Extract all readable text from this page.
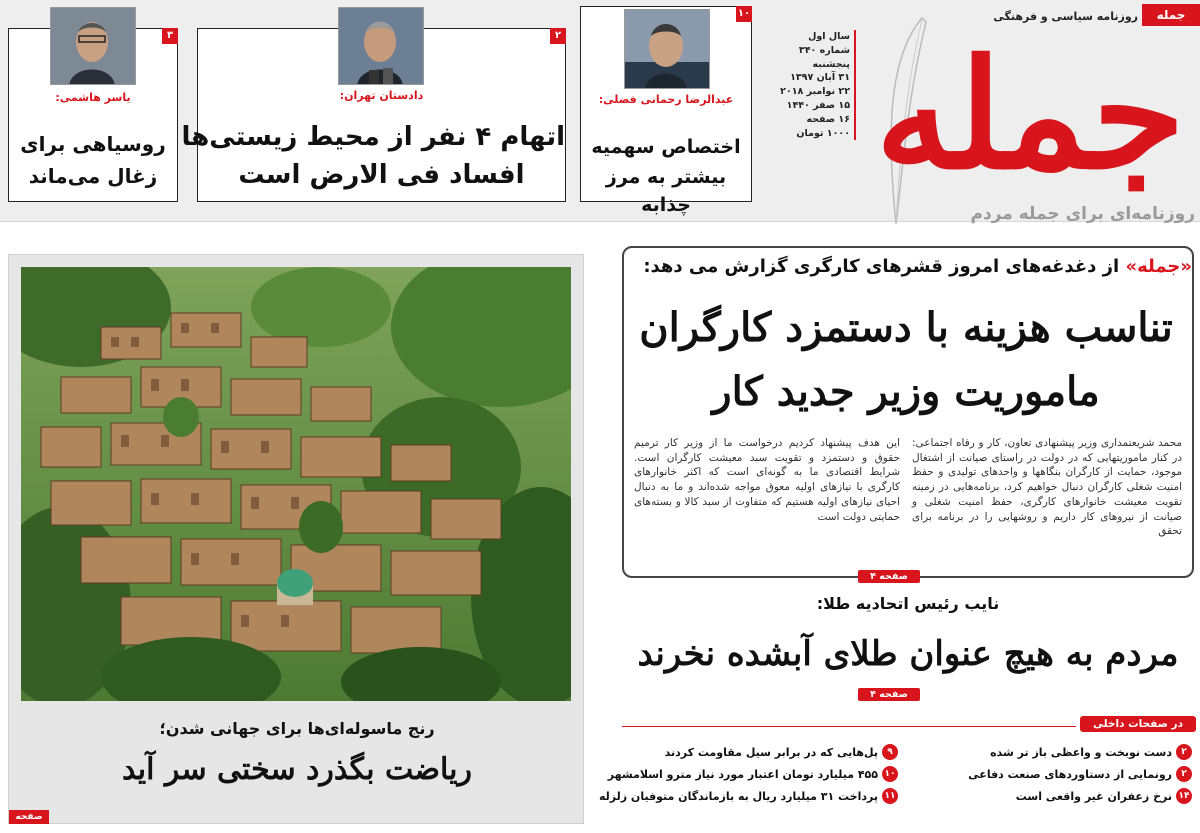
جمله
روزنامه سیاسی و فرهنگی
جمله
روزنامه‌ای برای جمله مردم
سال اول
شماره ۳۴۰
پنجشنبه
۳۱ آبان ۱۳۹۷
۲۲ نوامبر ۲۰۱۸
۱۵ صفر ۱۴۴۰
۱۶ صفحه
۱۰۰۰ تومان
۱۰
عبدالرضا رحمانی فضلی:
اختصاص سهمیه
بیشتر به مرز چذابه
۲
دادستان تهران:
اتهام ۴ نفر از محیط زیستی‌ها
افساد فی الارض است
۳
یاسر هاشمی:
روسیاهی برای
زغال می‌ماند
«جمله» از دغدغه‌های امروز قشرهای کارگری گزارش می دهد:
تناسب هزینه با دستمزد کارگران
ماموریت وزیر جدید کار
محمد شریعتمداری وزیر پیشنهادی تعاون، کار و رفاه اجتماعی: در کنار ماموریتهایی که در دولت در راستای صیانت از اشتغال موجود، حمایت از کارگران بنگاهها و واحدهای تولیدی و حفظ امنیت شغلی کارگران دنبال خواهیم کرد، برنامه‌هایی در زمینه تقویت معیشت خانوارهای کارگری، حفظ امنیت شغلی و صیانت از نیروهای کار داریم و روشهایی را در برنامه برای تحقق
این هدف پیشنهاد کردیم درخواست ما از وزیر کار ترمیم حقوق و دستمزد و تقویت سبد معیشت کارگران است. شرایط اقتصادی ما به گونه‌ای است که اکثر خانوارهای کارگری با نیازهای اولیه معوق مواجه شده‌اند و ما به دنبال احیای نیازهای اولیه هستیم که متفاوت از سبد کالا و بسته‌های حمایتی دولت است
صفحه ۴
نایب رئیس اتحادیه طلا:
مردم به هیچ عنوان طلای آبشده نخرند
صفحه ۴
در صفحات داخلی بخوانید
۲
دست نوبخت و واعظی باز تر شده
۲
رونمایی از دستاوردهای صنعت دفاعی
۱۴
نرخ زعفران غیر واقعی است
۹
پل‌هایی که در برابر سیل مقاومت کردند
۱۰
۴۵۵ میلیارد تومان اعتبار مورد نیاز مترو اسلامشهر
۱۱
پرداخت ۳۱ میلیارد ریال به بازماندگان متوفیان زلزله
رنج ماسوله‌ای‌ها برای جهانی شدن؛
ریاضت بگذرد سختی سر آید
صفحه ۱۱
